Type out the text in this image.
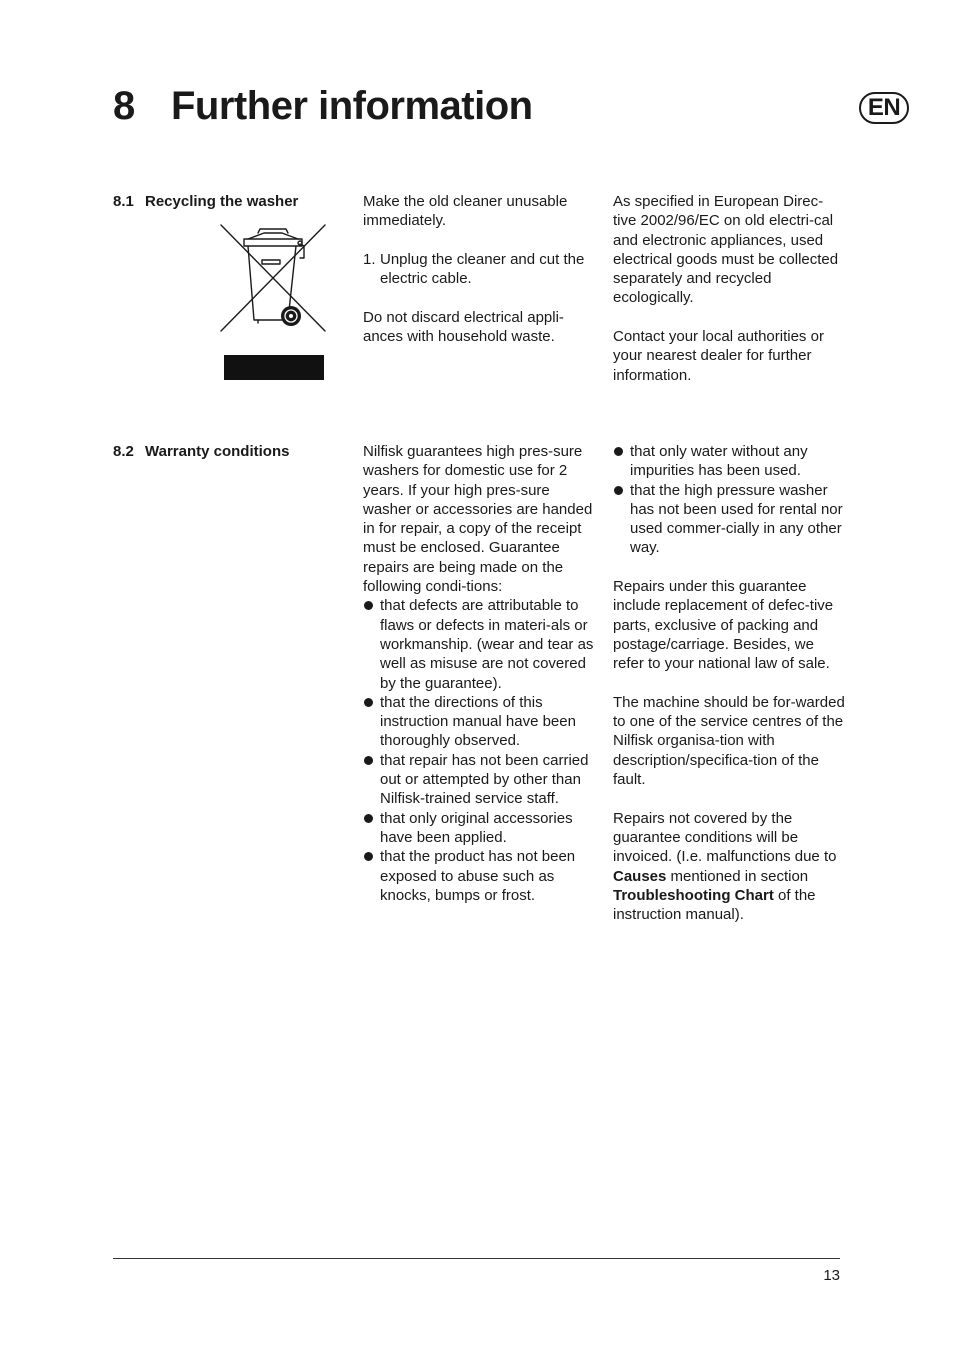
8 Further information	EN
8.1 Recycling the washer	Make the old cleaner unusable immediately.

1. Unplug the cleaner and cut the electric cable.

Do not discard electrical appli-ances with household waste.

As specified in European Direc-tive 2002/96/EC on old electri-cal and electronic appliances, used electrical goods must be collected separately and recycled ecologically.

Contact your local authorities or your nearest dealer for further information.

8.2 Warranty conditions	Nilfisk guarantees high pres-sure washers for domestic use for 2 years. If your high pres-sure washer or accessories are handed in for repair, a copy of the receipt must be enclosed. Guarantee repairs are being made on the following condi-tions:
that defects are attributable to flaws or defects in materi-als or workmanship. (wear and tear as well as misuse are not covered by the guarantee).
that the directions of this instruction manual have been thoroughly observed.
that repair has not been carried out or attempted by other than Nilfisk-trained service staff.
that only original accessories have been applied.
that the product has not been exposed to abuse such as knocks, bumps or frost.
that only water without any impurities has been used.
that the high pressure washer has not been used for rental nor used commer-cially in any other way.

Repairs under this guarantee include replacement of defec-tive parts, exclusive of packing and postage/carriage. Besides, we refer to your national law of sale.

The machine should be for-warded to one of the service centres of the Nilfisk organisa-tion with description/specifica-tion of the fault.

Repairs not covered by the guarantee conditions will be invoiced. (I.e. malfunctions due to Causes mentioned in section Troubleshooting Chart of the instruction manual).

13
